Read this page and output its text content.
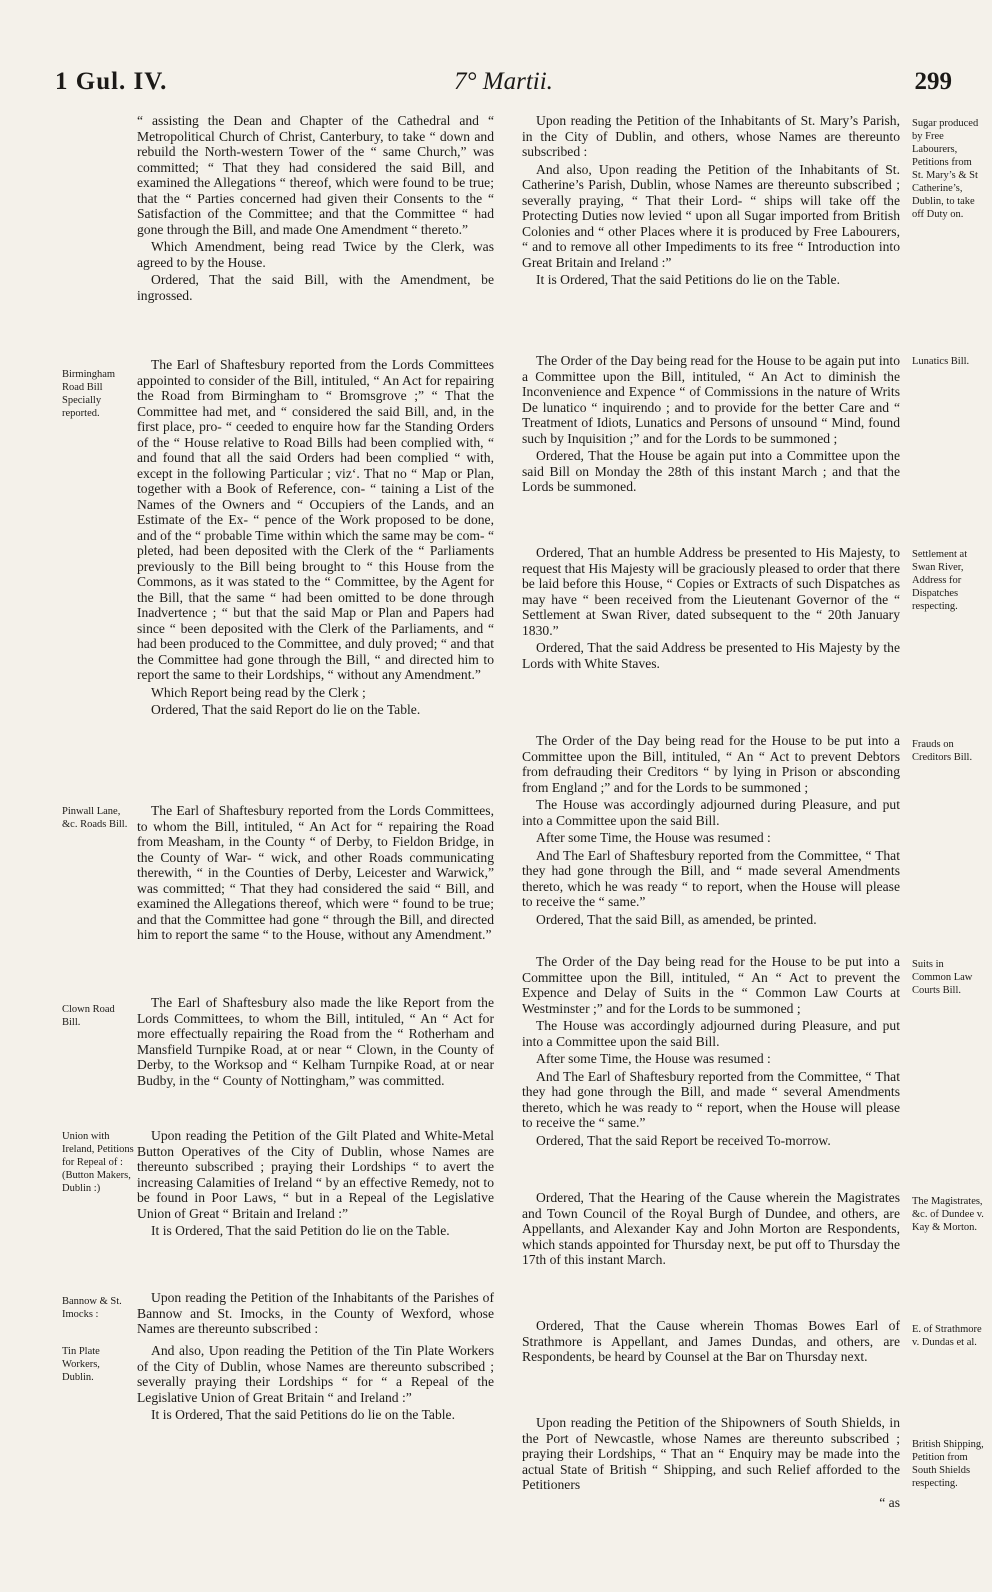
1 Gul. IV.	7° Martii.	299
Birmingham Road Bill Specially reported.
Pinwall Lane, &c. Roads Bill.
Clown Road Bill.
Union with Ireland, Petitions for Repeal of : (Button Makers, Dublin :)
Bannow & St. Imocks :
Tin Plate Workers, Dublin.
Sugar produced by Free Labourers, Petitions from St. Mary’s & St Catherine’s, Dublin, to take off Duty on.
Lunatics Bill.
Settlement at Swan River, Address for Dispatches respecting.
Frauds on Creditors Bill.
Suits in Common Law Courts Bill.
The Magistrates, &c. of Dundee v. Kay & Morton.
E. of Strathmore v. Dundas et al.
British Shipping, Petition from South Shields respecting.

“ assisting the Dean and Chapter of the Cathedral and “ Metropolitical Church of Christ, Canterbury, to take “ down and rebuild the North-western Tower of the “ same Church,” was committed; “ That they had considered the said Bill, and examined the Allegations “ thereof, which were found to be true; that the “ Parties concerned had given their Consents to the “ Satisfaction of the Committee; and that the Committee “ had gone through the Bill, and made One Amendment “ thereto.”

Which Amendment, being read Twice by the Clerk, was agreed to by the House.

Ordered, That the said Bill, with the Amendment, be ingrossed.

The Earl of Shaftesbury reported from the Lords Committees appointed to consider of the Bill, intituled, “ An Act for repairing the Road from Birmingham to “ Bromsgrove ;” “ That the Committee had met, and “ considered the said Bill, and, in the first place, pro- “ ceeded to enquire how far the Standing Orders of the “ House relative to Road Bills had been complied with, “ and found that all the said Orders had been complied “ with, except in the following Particular ; viz‘. That no “ Map or Plan, together with a Book of Reference, con- “ taining a List of the Names of the Owners and “ Occupiers of the Lands, and an Estimate of the Ex- “ pence of the Work proposed to be done, and of the “ probable Time within which the same may be com- “ pleted, had been deposited with the Clerk of the “ Parliaments previously to the Bill being brought to “ this House from the Commons, as it was stated to the “ Committee, by the Agent for the Bill, that the same “ had been omitted to be done through Inadvertence ; “ but that the said Map or Plan and Papers had since “ been deposited with the Clerk of the Parliaments, and “ had been produced to the Committee, and duly proved; “ and that the Committee had gone through the Bill, “ and directed him to report the same to their Lordships, “ without any Amendment.”

Which Report being read by the Clerk ;

Ordered, That the said Report do lie on the Table.

The Earl of Shaftesbury reported from the Lords Committees, to whom the Bill, intituled, “ An Act for “ repairing the Road from Measham, in the County “ of Derby, to Fieldon Bridge, in the County of War- “ wick, and other Roads communicating therewith, “ in the Counties of Derby, Leicester and Warwick,” was committed; “ That they had considered the said “ Bill, and examined the Allegations thereof, which were “ found to be true; and that the Committee had gone “ through the Bill, and directed him to report the same “ to the House, without any Amendment.”

The Earl of Shaftesbury also made the like Report from the Lords Committees, to whom the Bill, intituled, “ An “ Act for more effectually repairing the Road from the “ Rotherham and Mansfield Turnpike Road, at or near “ Clown, in the County of Derby, to the Worksop and “ Kelham Turnpike Road, at or near Budby, in the “ County of Nottingham,” was committed.

Upon reading the Petition of the Gilt Plated and White-Metal Button Operatives of the City of Dublin, whose Names are thereunto subscribed ; praying their Lordships “ to avert the increasing Calamities of Ireland “ by an effective Remedy, not to be found in Poor Laws, “ but in a Repeal of the Legislative Union of Great “ Britain and Ireland :”

It is Ordered, That the said Petition do lie on the Table.

Upon reading the Petition of the Inhabitants of the Parishes of Bannow and St. Imocks, in the County of Wexford, whose Names are thereunto subscribed :

And also, Upon reading the Petition of the Tin Plate Workers of the City of Dublin, whose Names are thereunto subscribed ; severally praying their Lordships “ for “ a Repeal of the Legislative Union of Great Britain “ and Ireland :”

It is Ordered, That the said Petitions do lie on the Table.

Upon reading the Petition of the Inhabitants of St. Mary’s Parish, in the City of Dublin, and others, whose Names are thereunto subscribed :

And also, Upon reading the Petition of the Inhabitants of St. Catherine’s Parish, Dublin, whose Names are thereunto subscribed ; severally praying, “ That their Lord- “ ships will take off the Protecting Duties now levied “ upon all Sugar imported from British Colonies and “ other Places where it is produced by Free Labourers, “ and to remove all other Impediments to its free “ Introduction into Great Britain and Ireland :”

It is Ordered, That the said Petitions do lie on the Table.

The Order of the Day being read for the House to be again put into a Committee upon the Bill, intituled, “ An Act to diminish the Inconvenience and Expence “ of Commissions in the nature of Writs De lunatico “ inquirendo ; and to provide for the better Care and “ Treatment of Idiots, Lunatics and Persons of unsound “ Mind, found such by Inquisition ;” and for the Lords to be summoned ;

Ordered, That the House be again put into a Committee upon the said Bill on Monday the 28th of this instant March ; and that the Lords be summoned.

Ordered, That an humble Address be presented to His Majesty, to request that His Majesty will be graciously pleased to order that there be laid before this House, “ Copies or Extracts of such Dispatches as may have “ been received from the Lieutenant Governor of the “ Settlement at Swan River, dated subsequent to the “ 20th January 1830.”

Ordered, That the said Address be presented to His Majesty by the Lords with White Staves.

The Order of the Day being read for the House to be put into a Committee upon the Bill, intituled, “ An “ Act to prevent Debtors from defrauding their Creditors “ by lying in Prison or absconding from England ;” and for the Lords to be summoned ;

The House was accordingly adjourned during Pleasure, and put into a Committee upon the said Bill.

After some Time, the House was resumed :

And The Earl of Shaftesbury reported from the Committee, “ That they had gone through the Bill, and “ made several Amendments thereto, which he was ready “ to report, when the House will please to receive the “ same.”

Ordered, That the said Bill, as amended, be printed.

The Order of the Day being read for the House to be put into a Committee upon the Bill, intituled, “ An “ Act to prevent the Expence and Delay of Suits in the “ Common Law Courts at Westminster ;” and for the Lords to be summoned ;

The House was accordingly adjourned during Pleasure, and put into a Committee upon the said Bill.

After some Time, the House was resumed :

And The Earl of Shaftesbury reported from the Committee, “ That they had gone through the Bill, and made “ several Amendments thereto, which he was ready to “ report, when the House will please to receive the “ same.”

Ordered, That the said Report be received To-morrow.

Ordered, That the Hearing of the Cause wherein the Magistrates and Town Council of the Royal Burgh of Dundee, and others, are Appellants, and Alexander Kay and John Morton are Respondents, which stands appointed for Thursday next, be put off to Thursday the 17th of this instant March.

Ordered, That the Cause wherein Thomas Bowes Earl of Strathmore is Appellant, and James Dundas, and others, are Respondents, be heard by Counsel at the Bar on Thursday next.

Upon reading the Petition of the Shipowners of South Shields, in the Port of Newcastle, whose Names are thereunto subscribed ; praying their Lordships, “ That an “ Enquiry may be made into the actual State of British “ Shipping, and such Relief afforded to the Petitioners

“ as
